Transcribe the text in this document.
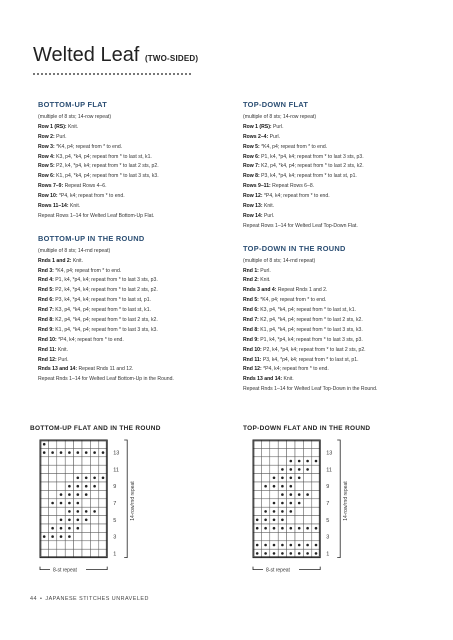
Welted Leaf (TWO-SIDED)
BOTTOM-UP FLAT
(multiple of 8 sts; 14-row repeat)
Row 1 (RS): Knit.
Row 2: Purl.
Row 3: *K4, p4; repeat from * to end.
Row 4: K3, p4, *k4, p4; repeat from * to last st, k1.
Row 5: P2, k4, *p4, k4; repeat from * to last 2 sts, p2.
Row 6: K1, p4, *k4, p4; repeat from * to last 3 sts, k3.
Rows 7–9: Repeat Rows 4–6.
Row 10: *P4, k4; repeat from * to end.
Rows 11–14: Knit.
Repeat Rows 1–14 for Welted Leaf Bottom-Up Flat.
BOTTOM-UP IN THE ROUND
(multiple of 8 sts; 14-rnd repeat)
Rnds 1 and 2: Knit.
Rnd 3: *K4, p4; repeat from * to end.
Rnd 4: P1, k4, *p4, k4; repeat from * to last 3 sts, p3.
Rnd 5: P2, k4, *p4, k4; repeat from * to last 2 sts, p2.
Rnd 6: P3, k4, *p4, k4; repeat from * to last st, p1.
Rnd 7: K3, p4, *k4, p4; repeat from * to last st, k1.
Rnd 8: K2, p4, *k4, p4; repeat from * to last 2 sts, k2.
Rnd 9: K1, p4, *k4, p4; repeat from * to last 3 sts, k3.
Rnd 10: *P4, k4; repeat from * to end.
Rnd 11: Knit.
Rnd 12: Purl.
Rnds 13 and 14: Repeat Rnds 11 and 12.
Repeat Rnds 1–14 for Welted Leaf Bottom-Up in the Round.
TOP-DOWN FLAT
(multiple of 8 sts; 14-row repeat)
Row 1 (RS): Purl.
Rows 2–4: Purl.
Row 5: *K4, p4; repeat from * to end.
Row 6: P1, k4, *p4, k4; repeat from * to last 3 sts, p3.
Row 7: K2, p4, *k4, p4; repeat from * to last 2 sts, k2.
Row 8: P3, k4, *p4, k4; repeat from * to last st, p1.
Rows 9–11: Repeat Rows 6–8.
Row 12: *P4, k4; repeat from * to end.
Row 13: Knit.
Row 14: Purl.
Repeat Rows 1–14 for Welted Leaf Top-Down Flat.
TOP-DOWN IN THE ROUND
(multiple of 8 sts; 14-rnd repeat)
Rnd 1: Purl.
Rnd 2: Knit.
Rnds 3 and 4: Repeat Rnds 1 and 2.
Rnd 5: *K4, p4; repeat from * to end.
Rnd 6: K3, p4, *k4, p4; repeat from * to last st, k1.
Rnd 7: K2, p4, *k4, p4; repeat from * to last 2 sts, k2.
Rnd 8: K1, p4, *k4, p4; repeat from * to last 3 sts, k3.
Rnd 9: P1, k4, *p4, k4; repeat from * to last 3 sts, p3.
Rnd 10: P2, k4, *p4, k4; repeat from * to last 2 sts, p2.
Rnd 11: P3, k4, *p4, k4; repeat from * to last st, p1.
Rnd 12: *P4, k4; repeat from * to end.
Rnds 13 and 14: Knit.
Repeat Rnds 1–14 for Welted Leaf Top-Down in the Round.
BOTTOM-UP FLAT AND IN THE ROUND
13
11
9
7
5
3
1
14-row/rnd repeat
8-st repeat
TOP-DOWN FLAT AND IN THE ROUND
13
11
9
7
5
3
1
14-row/rnd repeat
8-st repeat
44 • JAPANESE STITCHES UNRAVELED
